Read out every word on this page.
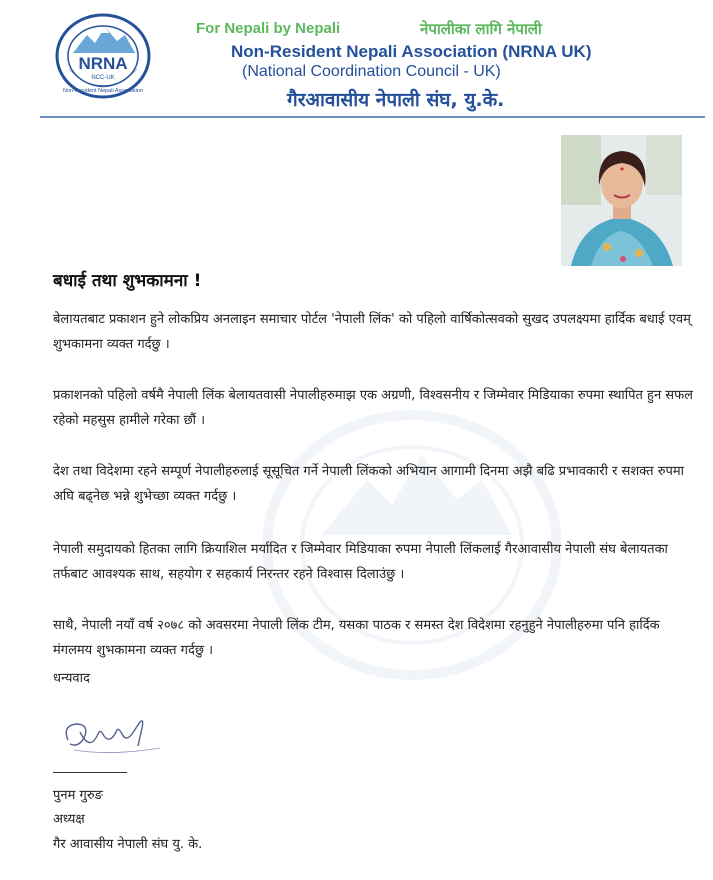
NRNA
NCC-UK
Non-Resident Nepali Association
For Nepali by Nepali	नेपालीका लागि नेपाली
Non-Resident Nepali Association (NRNA UK)
(National Coordination Council - UK)
गैरआवासीय नेपाली संघ, यु.के.
बधाई तथा शुभकामना !

बेलायतबाट प्रकाशन हुने लोकप्रिय अनलाइन समाचार पोर्टल 'नेपाली लिंक' को पहिलो वार्षिकोत्सवको सुखद उपलक्ष्यमा हार्दिक बधाई एवम् शुभकामना व्यक्त गर्दछु ।

प्रकाशनको पहिलो वर्षमै नेपाली लिंक बेलायतवासी नेपालीहरुमाझ एक अग्रणी, विश्वसनीय र जिम्मेवार मिडियाका रुपमा स्थापित हुन सफल रहेको महसुस हामीले गरेका छौं ।

देश तथा विदेशमा रहने सम्पूर्ण नेपालीहरुलाई सूसूचित गर्ने नेपाली लिंकको अभियान आगामी दिनमा अझै बढि प्रभावकारी र सशक्त रुपमा अघि बढ्नेछ भन्ने शुभेच्छा व्यक्त गर्दछु ।

नेपाली समुदायको हितका लागि क्रियाशिल मर्यादित र जिम्मेवार मिडियाका रुपमा नेपाली लिंकलाई गैरआवासीय नेपाली संघ बेलायतका तर्फबाट आवश्यक साथ, सहयोग र सहकार्य निरन्तर रहने विश्वास दिलाउंछु ।

साथै, नेपाली नयाँ वर्ष २०७८ को अवसरमा नेपाली लिंक टीम, यसका पाठक र समस्त देश विदेशमा रहनुहुने नेपालीहरुमा पनि हार्दिक मंगलमय शुभकामना व्यक्त गर्दछु ।

धन्यवाद
पुनम गुरुङ
अध्यक्ष
गैर आवासीय नेपाली संघ यु. के.
